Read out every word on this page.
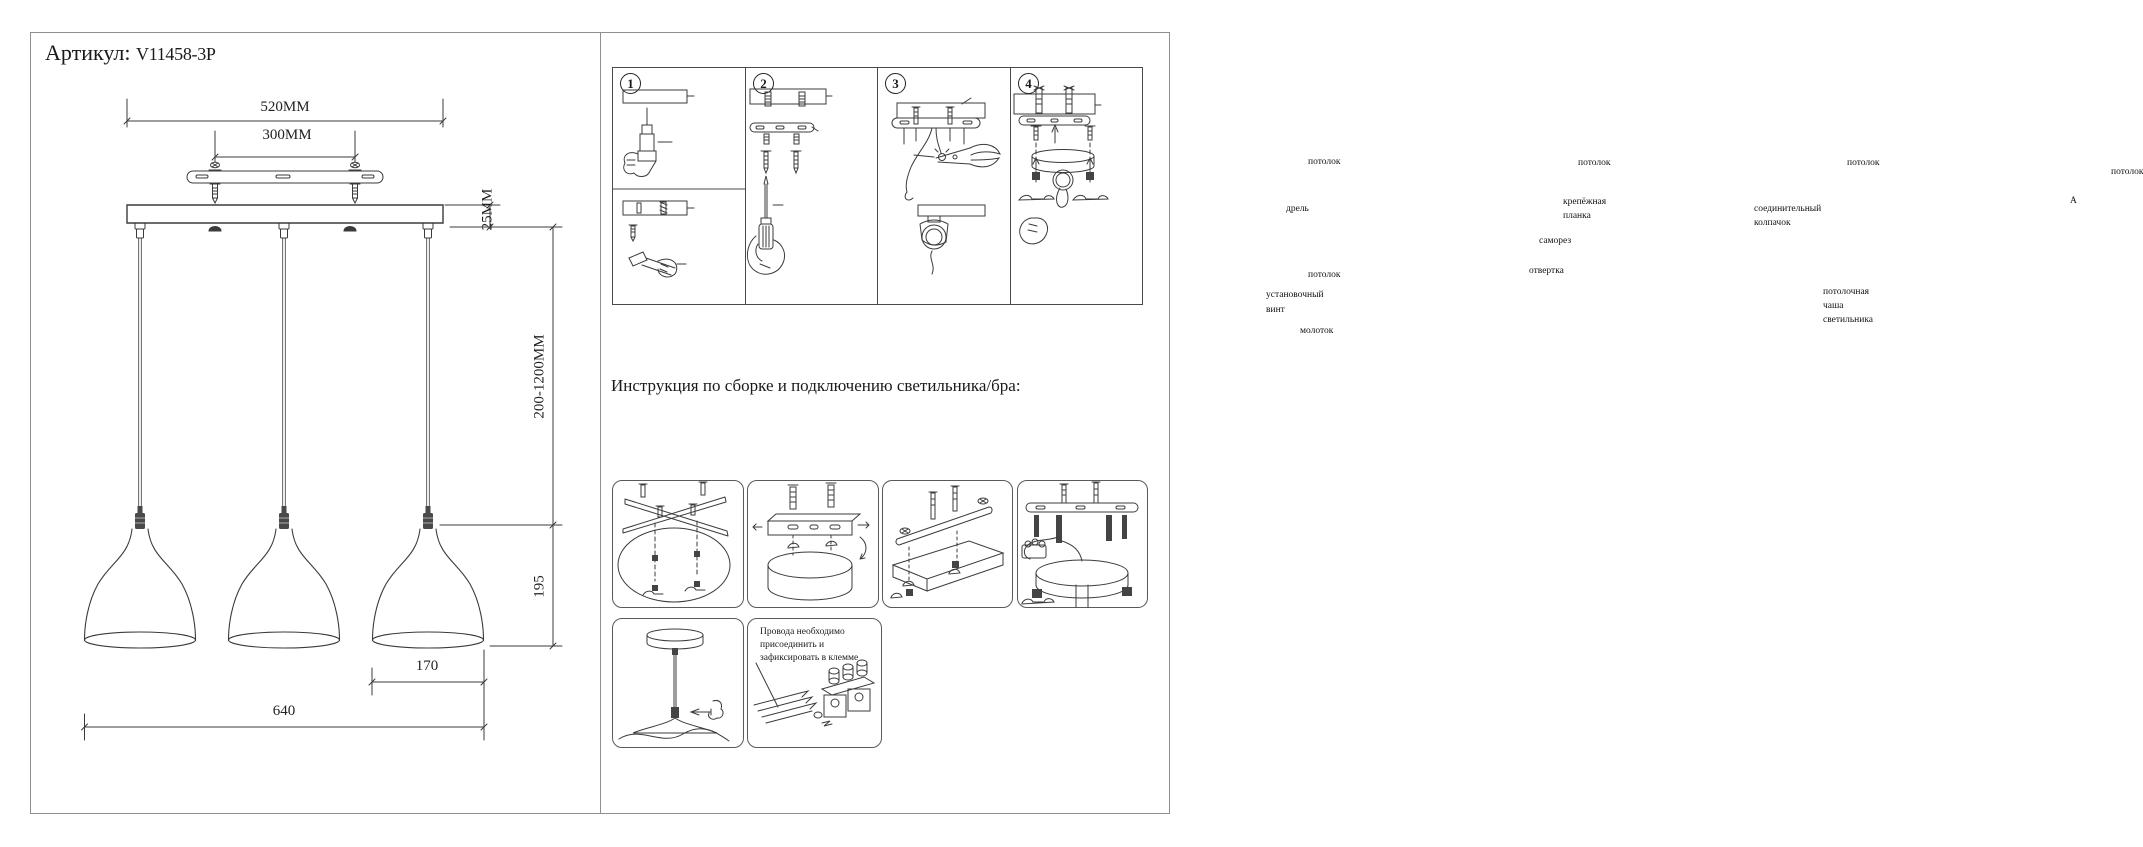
Артикул: V11458-3P
520MM
300MM
25MM
200-1200MM
195
170
640
1
потолок
дрель
потолок
установочный
винт
молоток
2
потолок
крепёжная
планка
саморез
отвертка
3
потолок
соединительный
колпачок
потолочная
чаша
светильника
4
потолок
A
Инструкция по сборке и подключению светильника/бра:
Провода необходимо
присоединить и
зафиксировать в клемме
